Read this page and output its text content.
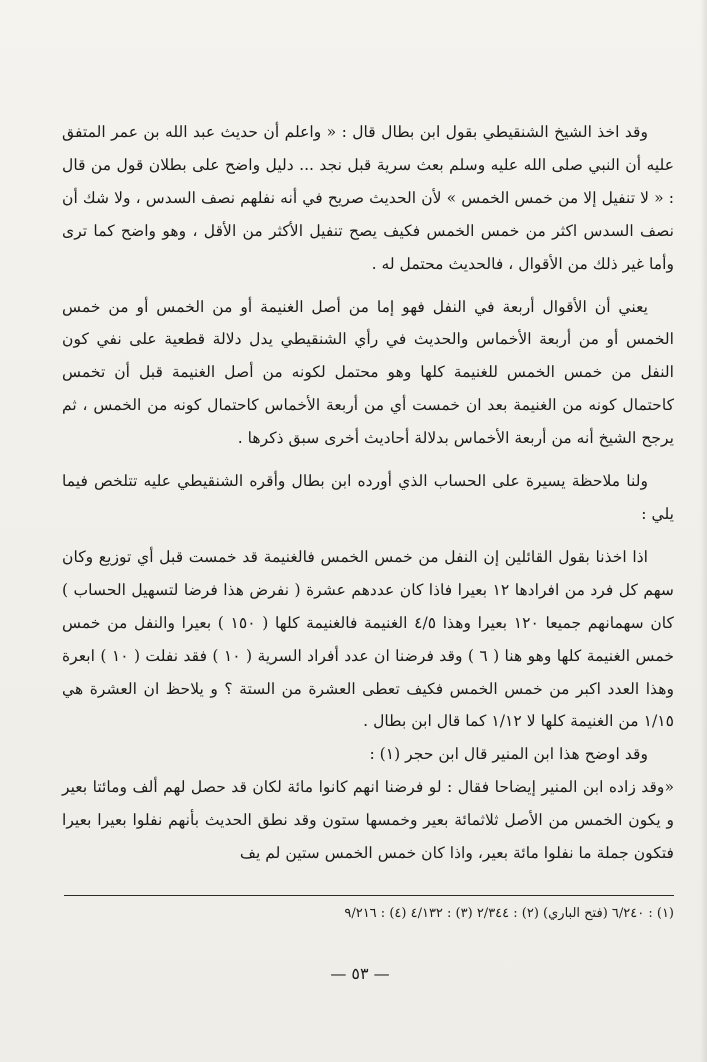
وقد اخذ الشيخ الشنقيطي بقول ابن بطال قال : « واعلم أن حديث عبد الله بن عمر المتفق عليه أن النبي صلى الله عليه وسلم بعث سرية قبل نجد ... دليل واضح على بطلان قول من قال : « لا تنفيل إلا من خمس الخمس » لأن الحديث صريح في أنه نفلهم نصف السدس ، ولا شك أن نصف السدس اكثر من خمس الخمس فكيف يصح تنفيل الأكثر من الأقل ، وهو واضح كما ترى وأما غير ذلك من الأقوال ، فالحديث محتمل له .

يعني أن الأقوال أربعة في النفل فهو إما من أصل الغنيمة أو من الخمس أو من خمس الخمس أو من أربعة الأخماس والحديث في رأي الشنقيطي يدل دلالة قطعية على نفي كون النفل من خمس الخمس للغنيمة كلها وهو محتمل لكونه من أصل الغنيمة قبل أن تخمس كاحتمال كونه من الغنيمة بعد ان خمست أي من أربعة الأخماس كاحتمال كونه من الخمس ، ثم يرجح الشيخ أنه من أربعة الأخماس بدلالة أحاديث أخرى سبق ذكرها .

ولنا ملاحظة يسيرة على الحساب الذي أورده ابن بطال وأقره الشنقيطي عليه تتلخص فيما يلي :

اذا اخذنا بقول القائلين إن النفل من خمس الخمس فالغنيمة قد خمست قبل أي توزيع وكان سهم كل فرد من افرادها ١٢ بعيرا فاذا كان عددهم عشرة ( نفرض هذا فرضا لتسهيل الحساب ) كان سهمانهم جميعا ١٢٠ بعيرا وهذا ٤/٥ الغنيمة فالغنيمة كلها ( ١٥٠ ) بعيرا والنفل من خمس خمس الغنيمة كلها وهو هنا ( ٦ ) وقد فرضنا ان عدد أفراد السرية ( ١٠ ) فقد نفلت ( ١٠ ) ابعرة وهذا العدد اكبر من خمس الخمس فكيف تعطى العشرة من الستة ؟ و يلاحظ ان العشرة هي ١/١٥ من الغنيمة كلها لا ١/١٢ كما قال ابن بطال .

وقد اوضح هذا ابن المنير قال ابن حجر (١) :

«وقد زاده ابن المنير إيضاحا فقال : لو فرضنا انهم كانوا مائة لكان قد حصل لهم ألف ومائتا بعير و يكون الخمس من الأصل ثلاثمائة بعير وخمسها ستون وقد نطق الحديث بأنهم نفلوا بعيرا بعيرا فتكون جملة ما نفلوا مائة بعير، واذا كان خمس الخمس ستين لم يف

(١) : ٦/٢٤٠ (فتح الباري) (٢) : ٢/٣٤٤ (٣) : ٤/١٣٢ (٤) : ٩/٢١٦
— ٥٣ —
